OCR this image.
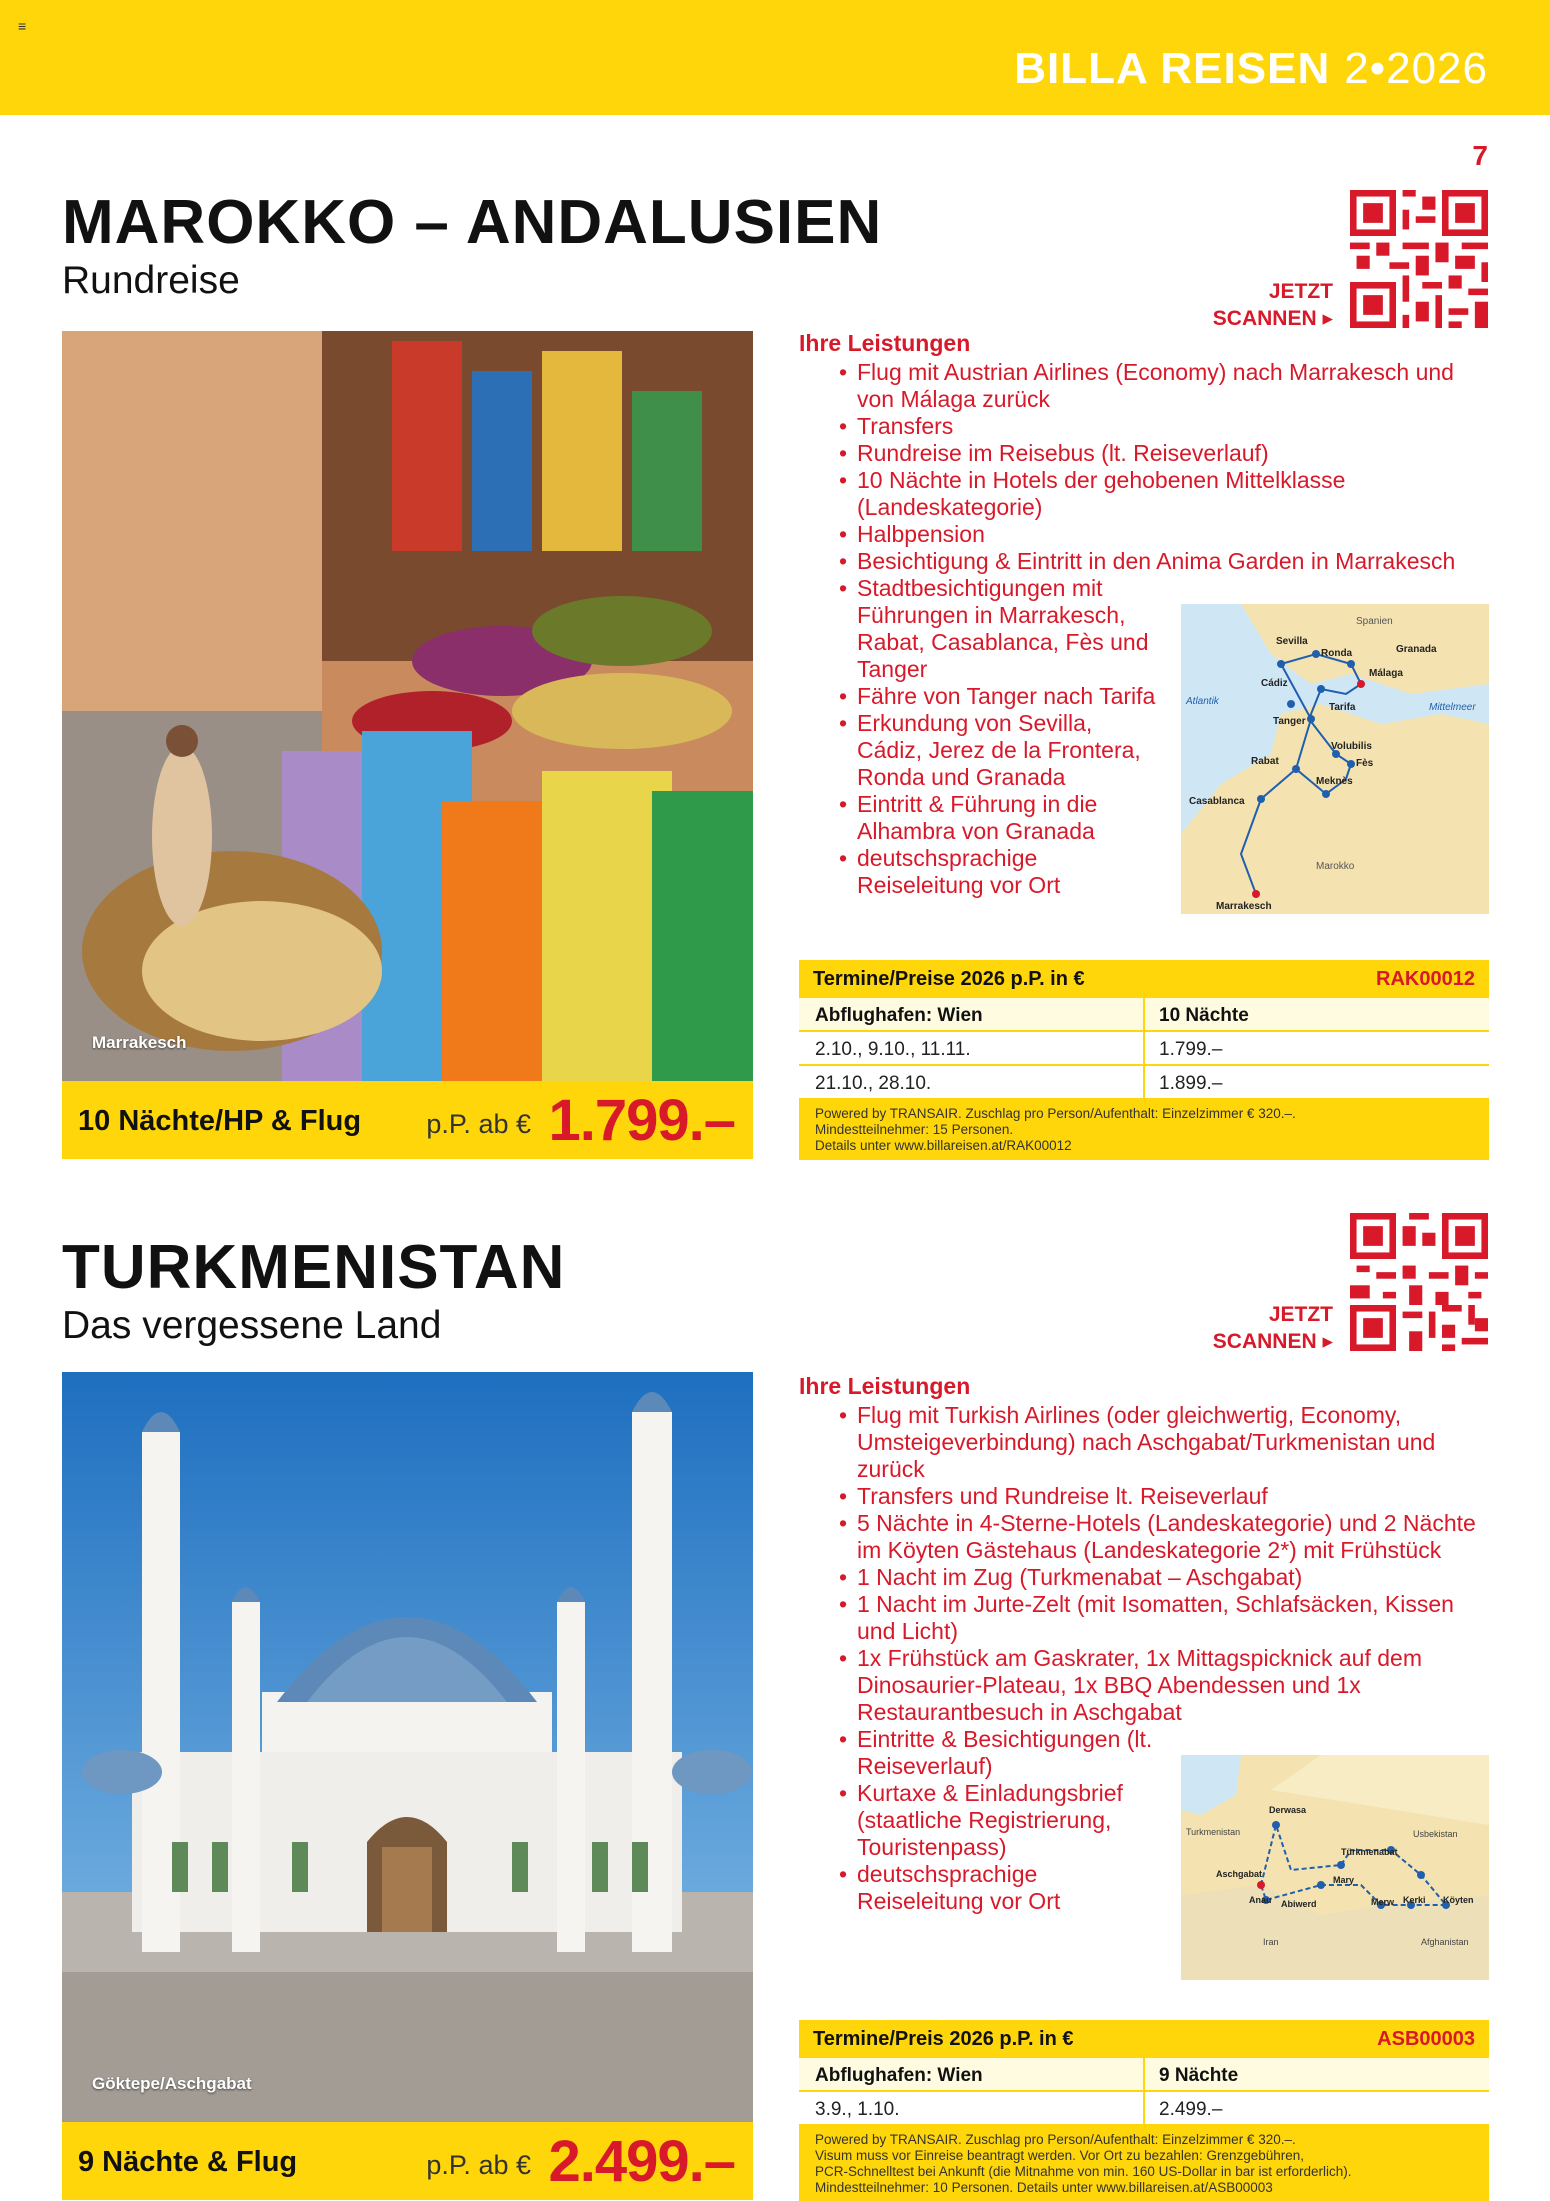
≡
BILLA REISEN 2•2026
7
MAROKKO – ANDALUSIEN
Rundreise	JETZT
SCANNEN ▸
Marrakesch
10 Nächte/HP & Flug p.P. ab € 1.799.–
Ihre Leistungen
• Flug mit Austrian Airlines (Economy) nach Marrakesch und von Málaga zurück
• Transfers
• Rundreise im Reisebus (lt. Reiseverlauf)
• 10 Nächte in Hotels der gehobenen Mittelklasse (Landeskategorie)
• Halbpension
• Besichtigung & Eintritt in den Anima Garden in Marrakesch
• Stadtbesichtigungen mit Führungen in Marrakesch, Rabat, Casablanca, Fès und Tanger
• Fähre von Tanger nach Tarifa
• Erkundung von Sevilla, Cádiz, Jerez de la Frontera, Ronda und Granada
• Eintritt & Führung in die Alhambra von Granada
• deutschsprachige Reiseleitung vor Ort
Spanien
Sevilla
Granada
Ronda
Málaga
Cádiz
Atlantik
Tarifa	Mittelmeer
Tanger
Volubilis
Rabat	Fès
Casablanca
Meknès
Marokko
Marrakesch
Termine/Preise 2026 p.P. in €	RAK00012
Abflughafen: Wien	10 Nächte
2.10., 9.10., 11.11.	1.799.–
21.10., 28.10.	1.899.–
Powered by TRANSAIR. Zuschlag pro Person/Aufenthalt: Einzelzimmer € 320.–.
Mindestteilnehmer: 15 Personen.
Details unter www.billareisen.at/RAK00012
TURKMENISTAN
Das vergessene Land	JETZT
SCANNEN ▸
Göktepe/Aschgabat
9 Nächte & Flug	p.P. ab € 2.499.–
Ihre Leistungen
• Flug mit Turkish Airlines (oder gleichwertig, Economy, Umsteigeverbindung) nach Aschgabat/Turkmenistan und zurück
• Transfers und Rundreise lt. Reiseverlauf
• 5 Nächte in 4-Sterne-Hotels (Landeskategorie) und 2 Nächte im Köyten Gästehaus (Landeskategorie 2*) mit Frühstück
• 1 Nacht im Zug (Turkmenabat – Aschgabat)
• 1 Nacht im Jurte-Zelt (mit Isomatten, Schlafsäcken, Kissen und Licht)
• 1x Frühstück am Gaskrater, 1x Mittagspicknick auf dem Dinosaurier-Plateau, 1x BBQ Abendessen und 1x Restaurantbesuch in Aschgabat
• Eintritte & Besichtigungen (lt. Reiseverlauf)
• Kurtaxe & Einladungsbrief (staatliche Registrierung, Touristenpass)
• deutschsprachige Reiseleitung vor Ort
Turkmenistan
Derwasa
Usbekistan
Türkmenabat
Aschgabat
Mary
Anau Abiwerd	Merw Kerki Köyten
Iran	Afghanistan
Termine/Preis 2026 p.P. in €	ASB00003
Abflughafen: Wien	9 Nächte
3.9., 1.10.	2.499.–
Powered by TRANSAIR. Zuschlag pro Person/Aufenthalt: Einzelzimmer € 320.–.
Visum muss vor Einreise beantragt werden. Vor Ort zu bezahlen: Grenzgebühren,
PCR-Schnelltest bei Ankunft (die Mitnahme von min. 160 US-Dollar in bar ist erforderlich).
Mindestteilnehmer: 10 Personen. Details unter www.billareisen.at/ASB00003
